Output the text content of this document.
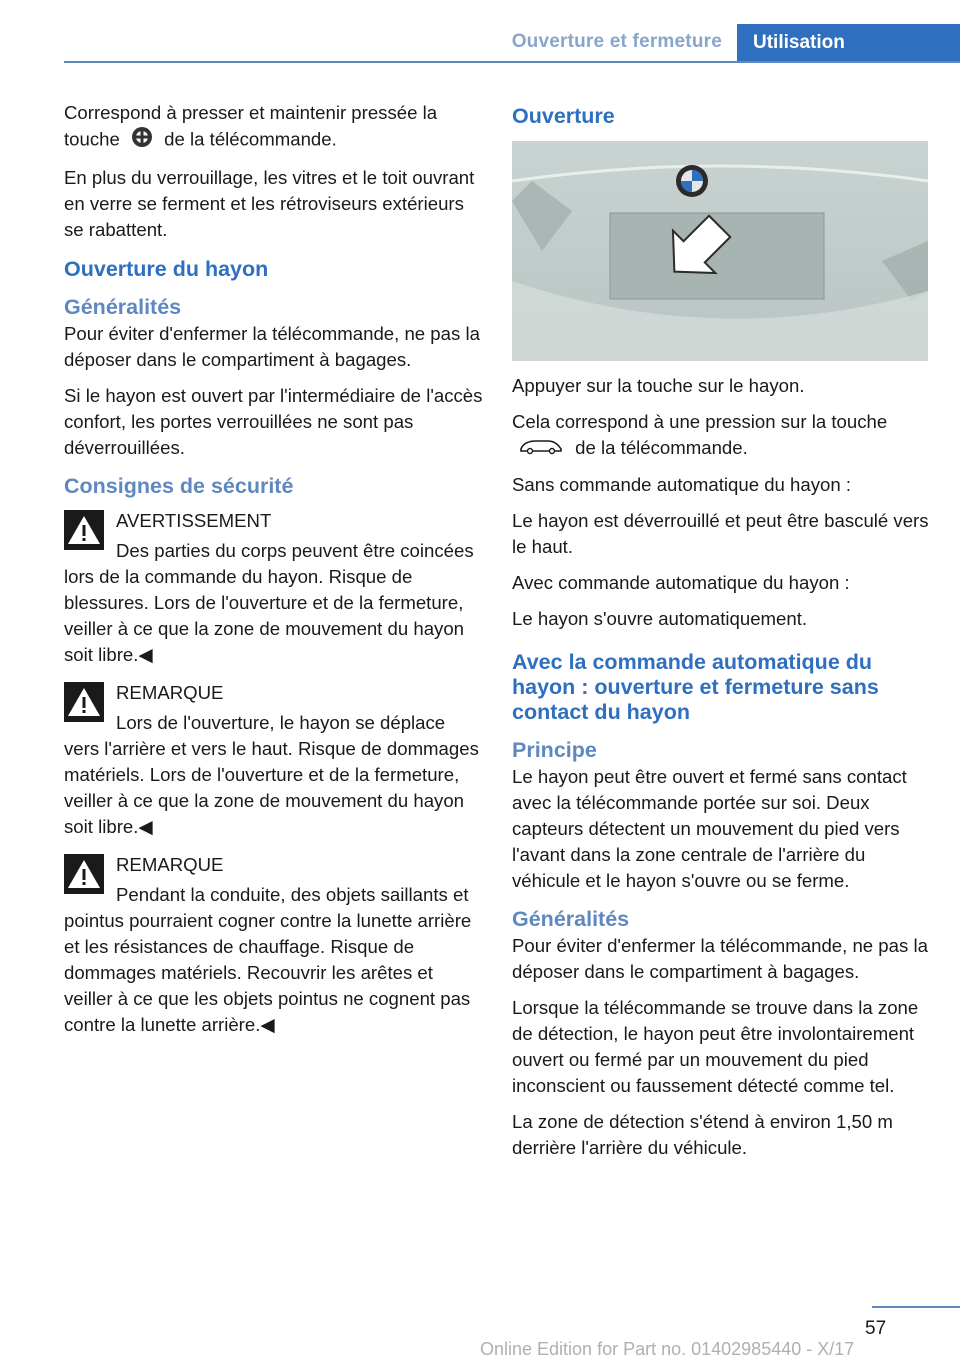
Ouverture et fermeture	Utilisation

Correspond à presser et maintenir pressée la
touche de la télécommande.

En plus du verrouillage, les vitres et le toit ouvrant en verre se ferment et les rétroviseurs extérieurs se rabattent.

Ouverture du hayon
Généralités

Pour éviter d'enfermer la télécommande, ne pas la déposer dans le compartiment à bagages.

Si le hayon est ouvert par l'intermédiaire de l'accès confort, les portes verrouillées ne sont pas déverrouillées.

Consignes de sécurité
AVERTISSEMENT
Des parties du corps peuvent être coincées lors de la commande du hayon. Risque de blessures. Lors de l'ouverture et de la fermeture, veiller à ce que la zone de mouvement du hayon soit libre.◀
REMARQUE
Lors de l'ouverture, le hayon se déplace vers l'arrière et vers le haut. Risque de dommages matériels. Lors de l'ouverture et de la fermeture, veiller à ce que la zone de mouvement du hayon soit libre.◀
REMARQUE
Pendant la conduite, des objets saillants et pointus pourraient cogner contre la lunette arrière et les résistances de chauffage. Risque de dommages matériels. Recouvrir les arêtes et veiller à ce que les objets pointus ne cognent pas contre la lunette arrière.◀
Ouverture

Appuyer sur la touche sur le hayon.

Cela correspond à une pression sur la touche
de la télécommande.

Sans commande automatique du hayon :

Le hayon est déverrouillé et peut être basculé vers le haut.

Avec commande automatique du hayon :

Le hayon s'ouvre automatiquement.

Avec la commande automatique du hayon : ouverture et fermeture sans contact du hayon
Principe

Le hayon peut être ouvert et fermé sans contact avec la télécommande portée sur soi. Deux capteurs détectent un mouvement du pied vers l'avant dans la zone centrale de l'arrière du véhicule et le hayon s'ouvre ou se ferme.

Généralités

Pour éviter d'enfermer la télécommande, ne pas la déposer dans le compartiment à bagages.

Lorsque la télécommande se trouve dans la zone de détection, le hayon peut être involontairement ouvert ou fermé par un mouvement du pied inconscient ou faussement détecté comme tel.

La zone de détection s'étend à environ 1,50 m derrière l'arrière du véhicule.

57
Online Edition for Part no. 01402985440 - X/17
